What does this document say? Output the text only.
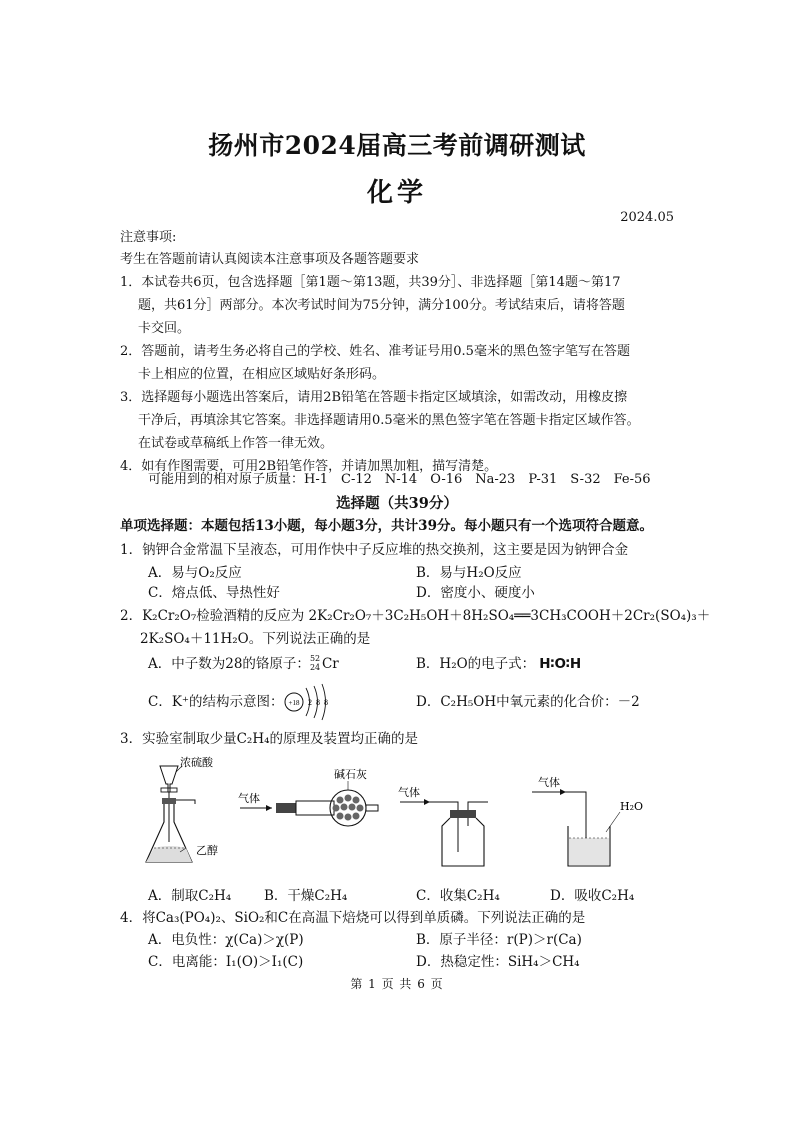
扬州市2024届高三考前调研测试
化学
2024.05
注意事项:
考生在答题前请认真阅读本注意事项及各题答题要求
1．本试卷共6页，包含选择题［第1题～第13题，共39分］、非选择题［第14题～第17
题，共61分］两部分。本次考试时间为75分钟，满分100分。考试结束后，请将答题
卡交回。
2．答题前，请考生务必将自己的学校、姓名、准考证号用0.5毫米的黑色签字笔写在答题
卡上相应的位置，在相应区域贴好条形码。
3．选择题每小题选出答案后，请用2B铅笔在答题卡指定区域填涂，如需改动，用橡皮擦
干净后，再填涂其它答案。非选择题请用0.5毫米的黑色签字笔在答题卡指定区域作答。
在试卷或草稿纸上作答一律无效。
4．如有作图需要，可用2B铅笔作答，并请加黑加粗，描写清楚。
可能用到的相对原子质量：H-1　C-12　N-14　O-16　Na-23　P-31　S-32　Fe-56
选择题（共39分）
单项选择题：本题包括13小题，每小题3分，共计39分。每小题只有一个选项符合题意。
1．钠钾合金常温下呈液态，可用作快中子反应堆的热交换剂，这主要是因为钠钾合金
A．易与O₂反应	B．易与H₂O反应
C．熔点低、导热性好	D．密度小、硬度小
2．K₂Cr₂O₇检验酒精的反应为 2K₂Cr₂O₇＋3C₂H₅OH＋8H₂SO₄══3CH₃COOH＋2Cr₂(SO₄)₃＋
2K₂SO₄＋11H₂O。下列说法正确的是
A．中子数为28的铬原子： 52
24 Cr	B．H₂O的电子式： H∶O∶H
C．K⁺的结构示意图： +18 2 8 8	D．C₂H₅OH中氧元素的化合价：－2
3．实验室制取少量C₂H₄的原理及装置均正确的是
浓硫酸
乙醇
气体
碱石灰
气体
气体
H₂O
A．制取C₂H₄ B．干燥C₂H₄	C．收集C₂H₄	D．吸收C₂H₄
4．将Ca₃(PO₄)₂、SiO₂和C在高温下焙烧可以得到单质磷。下列说法正确的是
A．电负性：χ(Ca)＞χ(P)	B．原子半径：r(P)＞r(Ca)
C．电离能：I₁(O)＞I₁(C)	D．热稳定性：SiH₄＞CH₄
第 1 页 共 6 页
